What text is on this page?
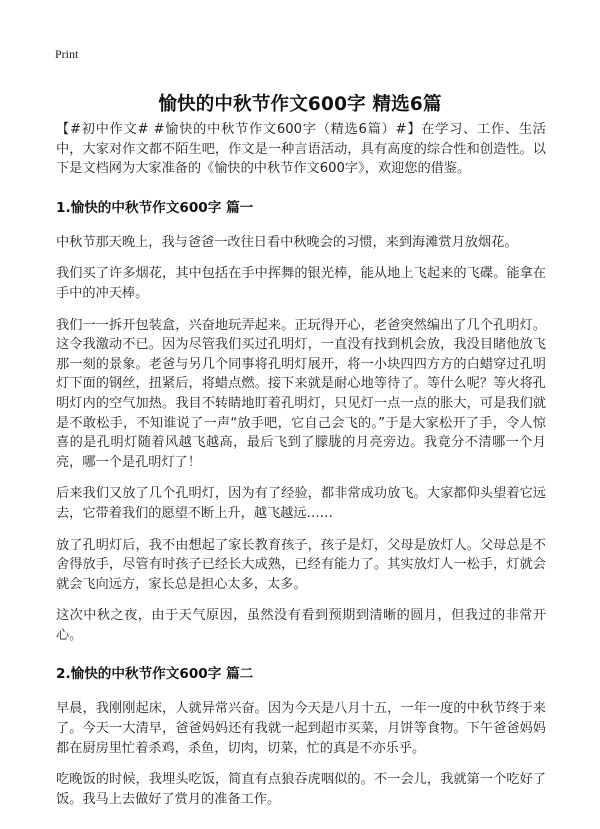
Print
愉快的中秋节作文600字 精选6篇

【#初中作文# #愉快的中秋节作文600字（精选6篇）#】在学习、工作、生活中，大家对作文都不陌生吧，作文是一种言语活动，具有高度的综合性和创造性。以下是文档网为大家准备的《愉快的中秋节作文600字》，欢迎您的借鉴。

1.愉快的中秋节作文600字 篇一

中秋节那天晚上，我与爸爸一改往日看中秋晚会的习惯，来到海滩赏月放烟花。

我们买了许多烟花，其中包括在手中挥舞的银光棒，能从地上飞起来的飞碟。能拿在手中的冲天棒。

我们一一拆开包装盒，兴奋地玩弄起来。正玩得开心，老爸突然编出了几个孔明灯。这令我激动不已。因为尽管我们买过孔明灯，一直没有找到机会放，我没目睹他放飞那一刻的景象。老爸与另几个同事将孔明灯展开，将一小块四四方方的白蜡穿过孔明灯下面的钢丝，扭紧后，将蜡点燃。接下来就是耐心地等待了。等什么呢？等火将孔明灯内的空气加热。我目不转睛地盯着孔明灯，只见灯一点一点的胀大，可是我们就是不敢松手，不知谁说了一声“放手吧，它自己会飞的。”于是大家松开了手，令人惊喜的是孔明灯随着风越飞越高，最后飞到了朦胧的月亮旁边。我竟分不清哪一个月亮，哪一个是孔明灯了！

后来我们又放了几个孔明灯，因为有了经验，都非常成功放飞。大家都仰头望着它远去，它带着我们的愿望不断上升，越飞越远……

放了孔明灯后，我不由想起了家长教育孩子，孩子是灯，父母是放灯人。父母总是不舍得放手，尽管有时孩子已经长大成熟，已经有能力了。其实放灯人一松手，灯就会就会飞向远方，家长总是担心太多，太多。

这次中秋之夜，由于天气原因，虽然没有看到预期到清晰的圆月，但我过的非常开心。

2.愉快的中秋节作文600字 篇二

早晨，我刚刚起床，人就异常兴奋。因为今天是八月十五，一年一度的中秋节终于来了。今天一大清早，爸爸妈妈还有我就一起到超市买菜，月饼等食物。下午爸爸妈妈都在厨房里忙着杀鸡，杀鱼，切肉，切菜，忙的真是不亦乐乎。

吃晚饭的时候，我埋头吃饭，简直有点狼吞虎咽似的。不一会儿，我就第一个吃好了饭。我马上去做好了赏月的准备工作。
